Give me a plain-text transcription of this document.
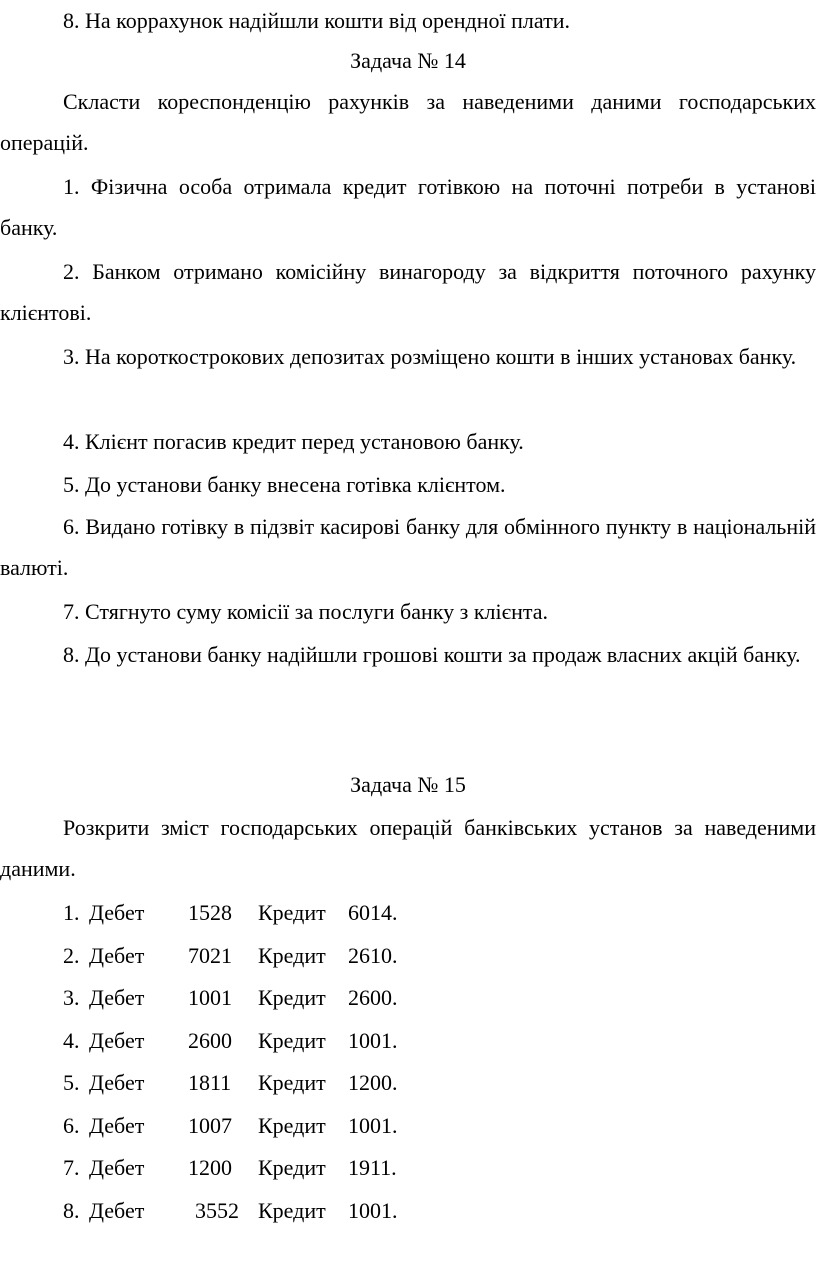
8. На коррахунок надійшли кошти від орендної плати.

Задача № 14

Скласти кореспонденцію рахунків за наведеними даними господарських операцій.

1. Фізична особа отримала кредит готівкою на поточні потреби в установі банку.

2. Банком отримано комісійну винагороду за відкриття поточного рахунку клієнтові.

3. На короткострокових депозитах розміщено кошти в інших установах банку.

4. Клієнт погасив кредит перед установою банку.

5. До установи банку внесена готівка клієнтом.

6. Видано готівку в підзвіт касирові банку для обмінного пункту в національній валюті.

7. Стягнуто суму комісії за послуги банку з клієнта.

8. До установи банку надійшли грошові кошти за продаж власних акцій банку.

Задача № 15

Розкрити зміст господарських операцій банківських установ за наведеними даними.

1. Дебет 1528 Кредит 6014.
2. Дебет 7021 Кредит 2610.
3. Дебет 1001 Кредит 2600.
4. Дебет 2600 Кредит 1001.
5. Дебет 1811 Кредит 1200.
6. Дебет 1007 Кредит 1001.
7. Дебет 1200 Кредит 1911.
8. Дебет 3552 Кредит 1001.
